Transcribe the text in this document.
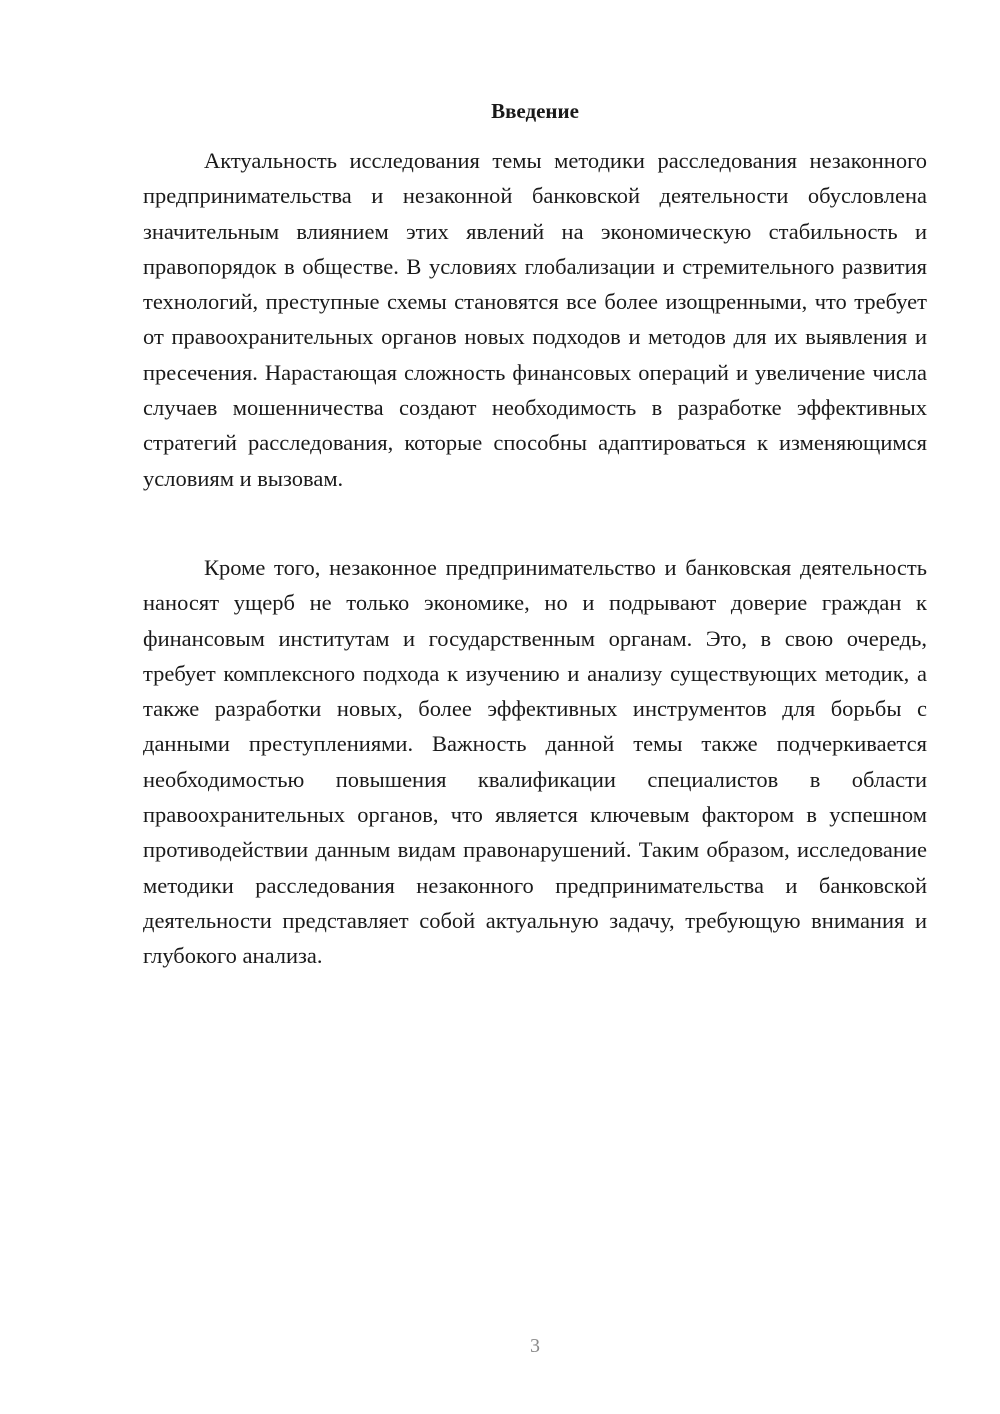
Введение

Актуальность исследования темы методики расследования незаконного предпринимательства и незаконной банковской деятельности обусловлена значительным влиянием этих явлений на экономическую стабильность и правопорядок в обществе. В условиях глобализации и стремительного развития технологий, преступные схемы становятся все более изощренными, что требует от правоохранительных органов новых подходов и методов для их выявления и пресечения. Нарастающая сложность финансовых операций и увеличение числа случаев мошенничества создают необходимость в разработке эффективных стратегий расследования, которые способны адаптироваться к изменяющимся условиям и вызовам.

Кроме того, незаконное предпринимательство и банковская деятельность наносят ущерб не только экономике, но и подрывают доверие граждан к финансовым институтам и государственным органам. Это, в свою очередь, требует комплексного подхода к изучению и анализу существующих методик, а также разработки новых, более эффективных инструментов для борьбы с данными преступлениями. Важность данной темы также подчеркивается необходимостью повышения квалификации специалистов в области правоохранительных органов, что является ключевым фактором в успешном противодействии данным видам правонарушений. Таким образом, исследование методики расследования незаконного предпринимательства и банковской деятельности представляет собой актуальную задачу, требующую внимания и глубокого анализа.

3
